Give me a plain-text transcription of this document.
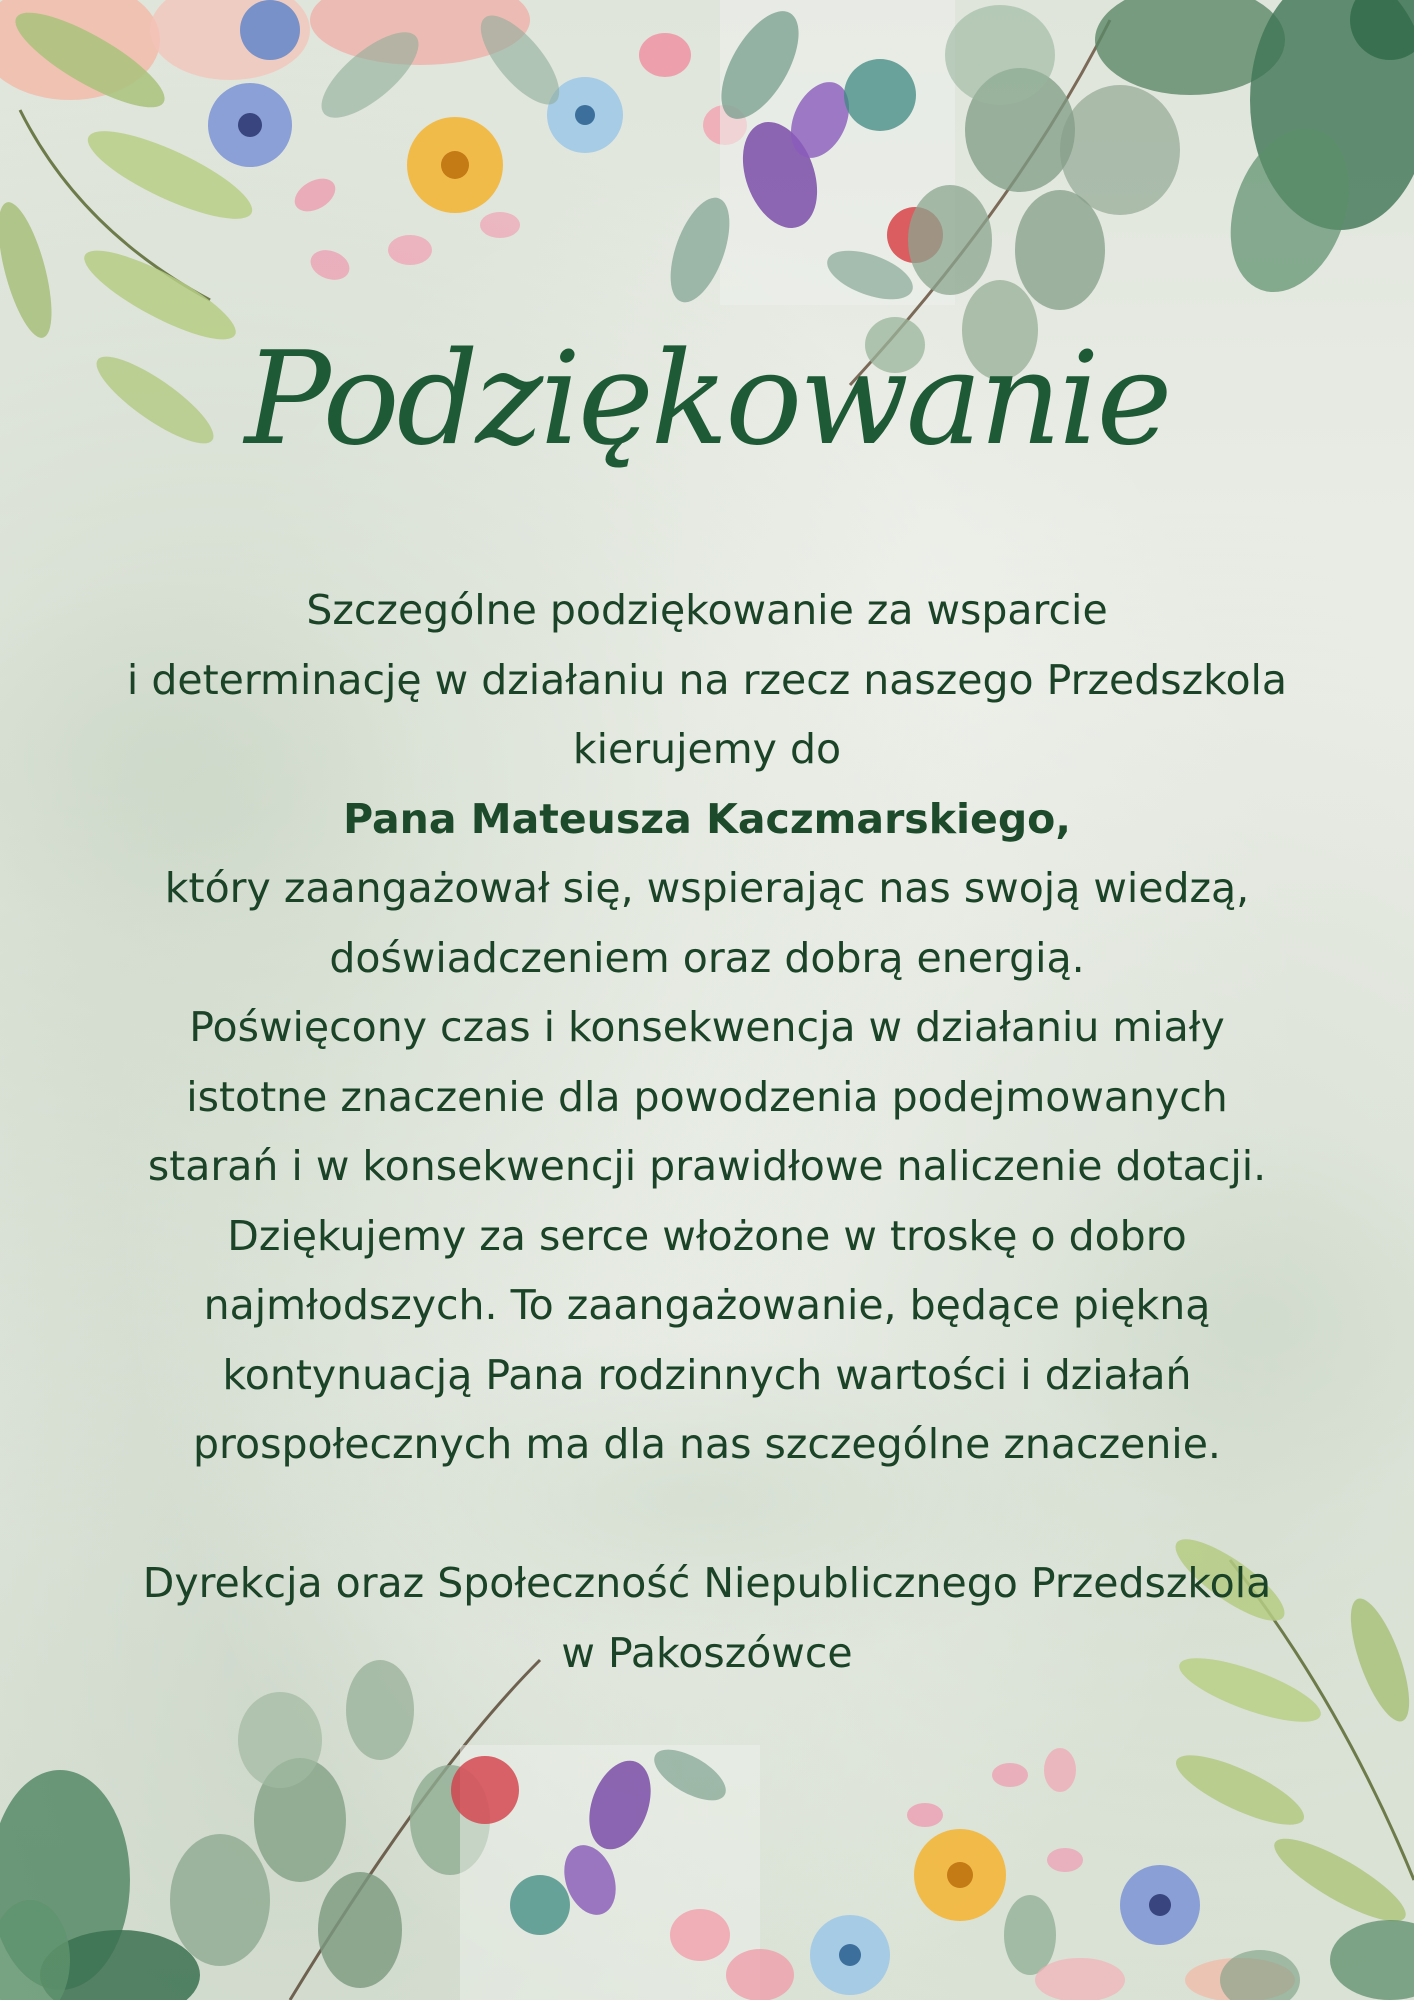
Podziękowanie
Szczególne podziękowanie za wsparcie
i determinację w działaniu na rzecz naszego Przedszkola
kierujemy do
Pana Mateusza Kaczmarskiego,
który zaangażował się, wspierając nas swoją wiedzą,
doświadczeniem oraz dobrą energią.
Poświęcony czas i konsekwencja w działaniu miały
istotne znaczenie dla powodzenia podejmowanych
starań i w konsekwencji prawidłowe naliczenie dotacji.
Dziękujemy za serce włożone w troskę o dobro
najmłodszych. To zaangażowanie, będące piękną
kontynuacją Pana rodzinnych wartości i działań
prospołecznych ma dla nas szczególne znaczenie.
Dyrekcja oraz Społeczność Niepublicznego Przedszkola
w Pakoszówce
